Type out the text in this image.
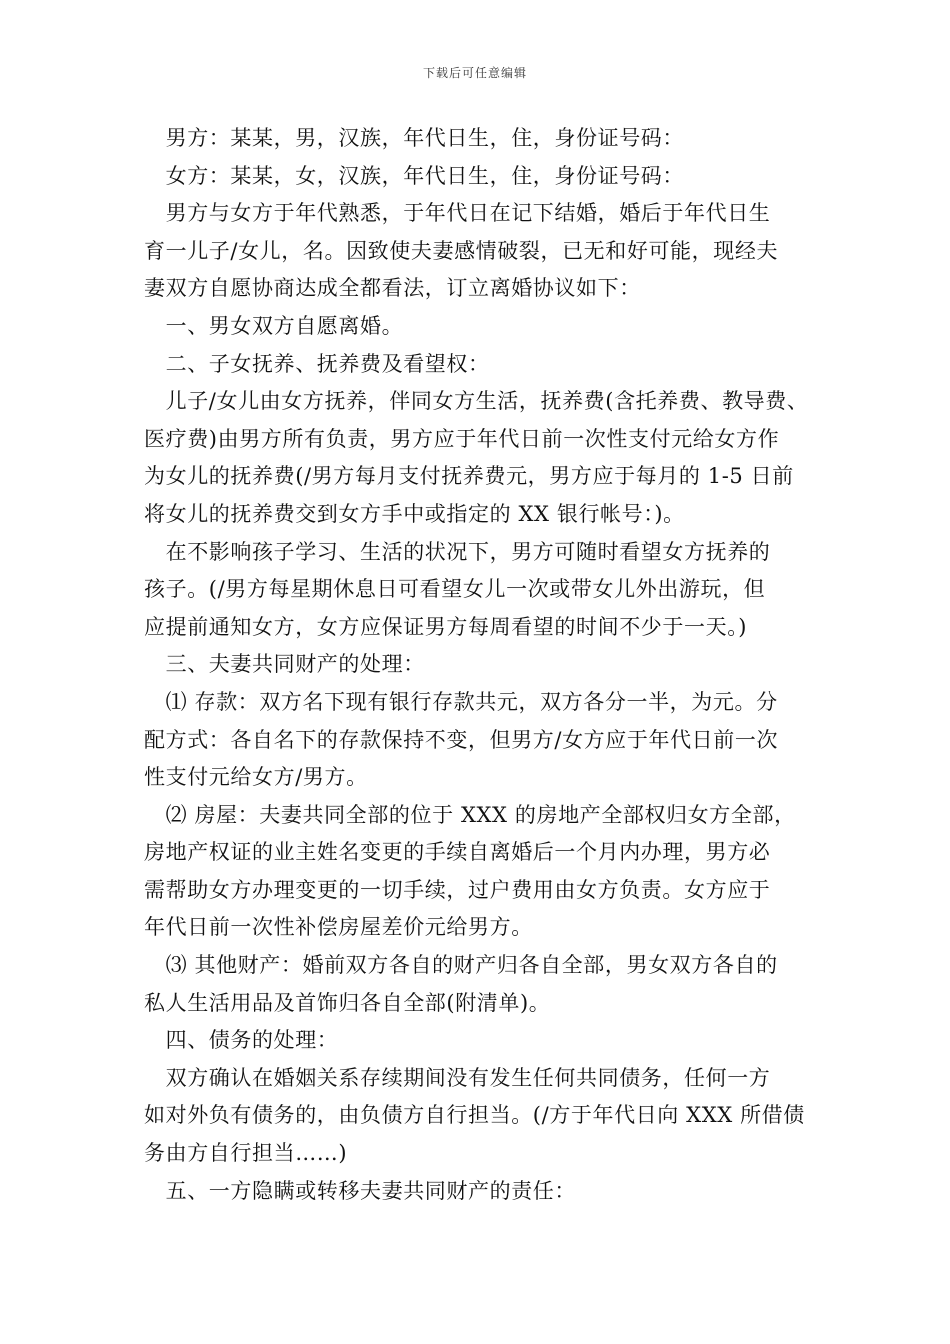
下载后可任意编辑
　男方：某某，男，汉族，年代日生，住，身份证号码：
　女方：某某，女，汉族，年代日生，住，身份证号码：
　男方与女方于年代熟悉，于年代日在记下结婚，婚后于年代日生
育一儿子/女儿，名。因致使夫妻感情破裂，已无和好可能，现经夫
妻双方自愿协商达成全都看法，订立离婚协议如下：
　一、男女双方自愿离婚。
　二、子女抚养、抚养费及看望权：
　儿子/女儿由女方抚养，伴同女方生活，抚养费(含托养费、教导费、
医疗费)由男方所有负责，男方应于年代日前一次性支付元给女方作
为女儿的抚养费(/男方每月支付抚养费元，男方应于每月的 1-5 日前
将女儿的抚养费交到女方手中或指定的 XX 银行帐号：)。
　在不影响孩子学习、生活的状况下，男方可随时看望女方抚养的
孩子。(/男方每星期休息日可看望女儿一次或带女儿外出游玩，但
应提前通知女方，女方应保证男方每周看望的时间不少于一天。)
　三、夫妻共同财产的处理：
　⑴ 存款：双方名下现有银行存款共元，双方各分一半，为元。分
配方式：各自名下的存款保持不变，但男方/女方应于年代日前一次
性支付元给女方/男方。
　⑵ 房屋：夫妻共同全部的位于 XXX 的房地产全部权归女方全部，
房地产权证的业主姓名变更的手续自离婚后一个月内办理，男方必
需帮助女方办理变更的一切手续，过户费用由女方负责。女方应于
年代日前一次性补偿房屋差价元给男方。
　⑶ 其他财产：婚前双方各自的财产归各自全部，男女双方各自的
私人生活用品及首饰归各自全部(附清单)。
　四、债务的处理：
　双方确认在婚姻关系存续期间没有发生任何共同债务，任何一方
如对外负有债务的，由负债方自行担当。(/方于年代日向 XXX 所借债
务由方自行担当……)
　五、一方隐瞒或转移夫妻共同财产的责任：
